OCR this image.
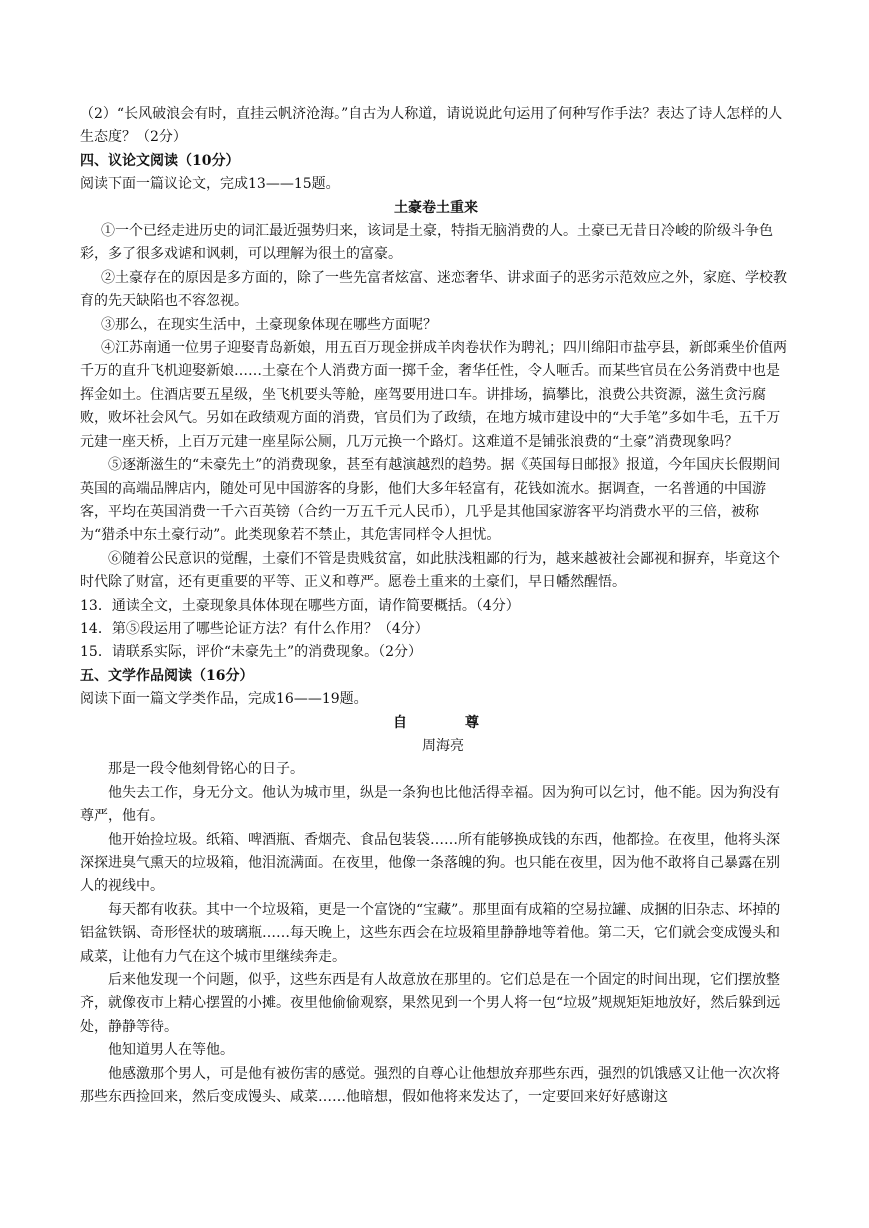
（2）“长风破浪会有时，直挂云帆济沧海。”自古为人称道，请说说此句运用了何种写作手法？表达了诗人怎样的人生态度？（2分）

四、议论文阅读（10分）

阅读下面一篇议论文，完成13——15题。

土豪卷土重来

①一个已经走进历史的词汇最近强势归来，该词是土豪，特指无脑消费的人。土豪已无昔日冷峻的阶级斗争色彩，多了很多戏谑和讽刺，可以理解为很土的富豪。

②土豪存在的原因是多方面的，除了一些先富者炫富、迷恋奢华、讲求面子的恶劣示范效应之外，家庭、学校教育的先天缺陷也不容忽视。

③那么，在现实生活中，土豪现象体现在哪些方面呢？

④江苏南通一位男子迎娶青岛新娘，用五百万现金拼成羊肉卷状作为聘礼；四川绵阳市盐亭县，新郎乘坐价值两千万的直升飞机迎娶新娘……土豪在个人消费方面一掷千金，奢华任性，令人咂舌。而某些官员在公务消费中也是挥金如土。住酒店要五星级，坐飞机要头等舱，座驾要用进口车。讲排场，搞攀比，浪费公共资源，滋生贪污腐败，败坏社会风气。另如在政绩观方面的消费，官员们为了政绩，在地方城市建设中的“大手笔”多如牛毛，五千万元建一座天桥，上百万元建一座星际公厕，几万元换一个路灯。这难道不是铺张浪费的“土豪”消费现象吗？

⑤逐渐滋生的“未豪先土”的消费现象，甚至有越演越烈的趋势。据《英国每日邮报》报道，今年国庆长假期间英国的高端品牌店内，随处可见中国游客的身影，他们大多年轻富有，花钱如流水。据调查，一名普通的中国游客，平均在英国消费一千六百英镑（合约一万五千元人民币），几乎是其他国家游客平均消费水平的三倍，被称为“猎杀中东土豪行动”。此类现象若不禁止，其危害同样令人担忧。

⑥随着公民意识的觉醒，土豪们不管是贵贱贫富，如此肤浅粗鄙的行为，越来越被社会鄙视和摒弃，毕竟这个时代除了财富，还有更重要的平等、正义和尊严。愿卷土重来的土豪们，早日幡然醒悟。

13．通读全文，土豪现象具体体现在哪些方面，请作简要概括。（4分）

14．第⑤段运用了哪些论证方法？有什么作用？（4分）

15．请联系实际，评价“未豪先土”的消费现象。（2分）

五、文学作品阅读（16分）

阅读下面一篇文学类作品，完成16——19题。

自	尊

周海亮

那是一段令他刻骨铭心的日子。

他失去工作，身无分文。他认为城市里，纵是一条狗也比他活得幸福。因为狗可以乞讨，他不能。因为狗没有尊严，他有。

他开始捡垃圾。纸箱、啤酒瓶、香烟壳、食品包装袋……所有能够换成钱的东西，他都捡。在夜里，他将头深深探进臭气熏天的垃圾箱，他泪流满面。在夜里，他像一条落魄的狗。也只能在夜里，因为他不敢将自己暴露在别人的视线中。

每天都有收获。其中一个垃圾箱，更是一个富饶的“宝藏”。那里面有成箱的空易拉罐、成捆的旧杂志、坏掉的铝盆铁锅、奇形怪状的玻璃瓶……每天晚上，这些东西会在垃圾箱里静静地等着他。第二天，它们就会变成馒头和咸菜，让他有力气在这个城市里继续奔走。

后来他发现一个问题，似乎，这些东西是有人故意放在那里的。它们总是在一个固定的时间出现，它们摆放整齐，就像夜市上精心摆置的小摊。夜里他偷偷观察，果然见到一个男人将一包“垃圾”规规矩矩地放好，然后躲到远处，静静等待。

他知道男人在等他。

他感激那个男人，可是他有被伤害的感觉。强烈的自尊心让他想放弃那些东西，强烈的饥饿感又让他一次次将那些东西捡回来，然后变成馒头、咸菜……他暗想，假如他将来发达了，一定要回来好好感谢这
